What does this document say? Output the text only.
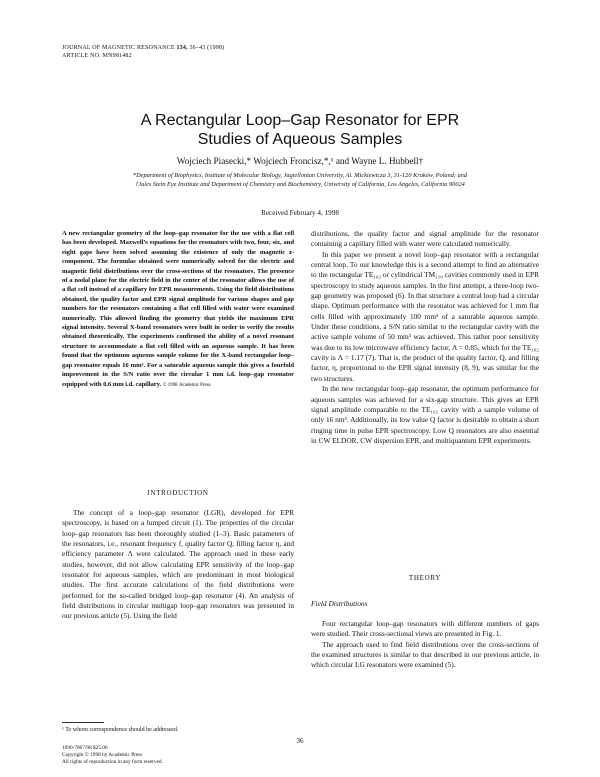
JOURNAL OF MAGNETIC RESONANCE 134, 36–43 (1998)
ARTICLE NO. MN981482
A Rectangular Loop–Gap Resonator for EPR
Studies of Aqueous Samples
Wojciech Piasecki,* Wojciech Froncisz,*,¹ and Wayne L. Hubbell†
*Department of Biophysics, Institute of Molecular Biology, Jagiellonian University, Al. Mickiewicza 3, 31-120 Kraków, Poland; and
†Jules Stein Eye Institute and Department of Chemistry and Biochemistry, University of California, Los Angeles, California 90024
Received February 4, 1998
A new rectangular geometry of the loop–gap resonator for the use with a flat cell has been developed. Maxwell’s equations for the resonators with two, four, six, and eight gaps have been solved assuming the existence of only the magnetic z-component. The formulas obtained were numerically solved for the electric and magnetic field distributions over the cross-sections of the resonators. The presence of a nodal plane for the electric field in the center of the resonator allows the use of a flat cell instead of a capillary for EPR measurements. Using the field distributions obtained, the quality factor and EPR signal amplitude for various shapes and gap numbers for the resonators containing a flat cell filled with water were examined numerically. This allowed finding the geometry that yields the maximum EPR signal intensity. Several X-band resonators were built in order to verify the results obtained theoretically. The experiments confirmed the ability of a novel resonant structure to accommodate a flat cell filled with an aqueous sample. It has been found that the optimum aqueous sample volume for the X-band rectangular loop–gap resonator equals 16 mm³. For a saturable aqueous sample this gives a fourfold improvement in the S/N ratio over the circular 1 mm i.d. loop–gap resonator equipped with 0.6 mm i.d. capillary. © 1998 Academic Press
INTRODUCTION

The concept of a loop–gap resonator (LGR), developed for EPR spectroscopy, is based on a lumped circuit (1). The properties of the circular loop–gap resonators has been thoroughly studied (1–3). Basic parameters of the resonators, i.e., resonant frequency f, quality factor Q, filling factor η, and efficiency parameter Λ were calculated. The approach used in these early studies, however, did not allow calculating EPR sensitivity of the loop–gap resonator for aqueous samples, which are predominant in most biological studies. The first accurate calculations of the field distributions were performed for the so-called bridged loop–gap resonator (4). An analysis of field distributions in circular multigap loop–gap resonators was presented in our previous article (5). Using the field

distributions, the quality factor and signal amplitude for the resonator containing a capillary filled with water were calculated numerically.

In this paper we present a novel loop–gap resonator with a rectangular central loop. To our knowledge this is a second attempt to find an alternative to the rectangular TE₁₀₂ or cylindrical TM₁₁₀ cavities commonly used in EPR spectroscopy to study aqueous samples. In the first attempt, a three-loop two-gap geometry was proposed (6). In that structure a central loop had a circular shape. Optimum performance with the resonator was achieved for 1 mm flat cells filled with approximately 100 mm³ of a saturable aqueous sample. Under these conditions, a S/N ratio similar to the rectangular cavity with the active sample volume of 50 mm³ was achieved. This rather poor sensitivity was due to its low microwave efficiency factor, Λ = 0.85, which for the TE₁₀₂ cavity is Λ = 1.17 (7). That is, the product of the quality factor, Q, and filling factor, η, proportional to the EPR signal intensity (8, 9), was similar for the two structures.

In the new rectangular loop–gap resonator, the optimum performance for aqueous samples was achieved for a six-gap structure. This gives an EPR signal amplitude comparable to the TE₁₀₂ cavity with a sample volume of only 16 nm³. Additionally, its low value Q factor is desirable to obtain a short ringing time in pulse EPR spectroscopy. Low Q resonators are also essential in CW ELDOR, CW dispersion EPR, and multiquantum EPR experiments.

THEORY
Field Distributions

Four rectangular loop–gap resonators with different numbers of gaps were studied. Their cross-sectional views are presented in Fig. 1.

The approach used to find field distributions over the cross-sections of the examined structures is similar to that described in our previous article, in which circular LG resonators were examined (5).

¹ To whom correspondence should be addressed.
36
1090-7807/98 $25.00
Copyright © 1998 by Academic Press
All rights of reproduction in any form reserved.
